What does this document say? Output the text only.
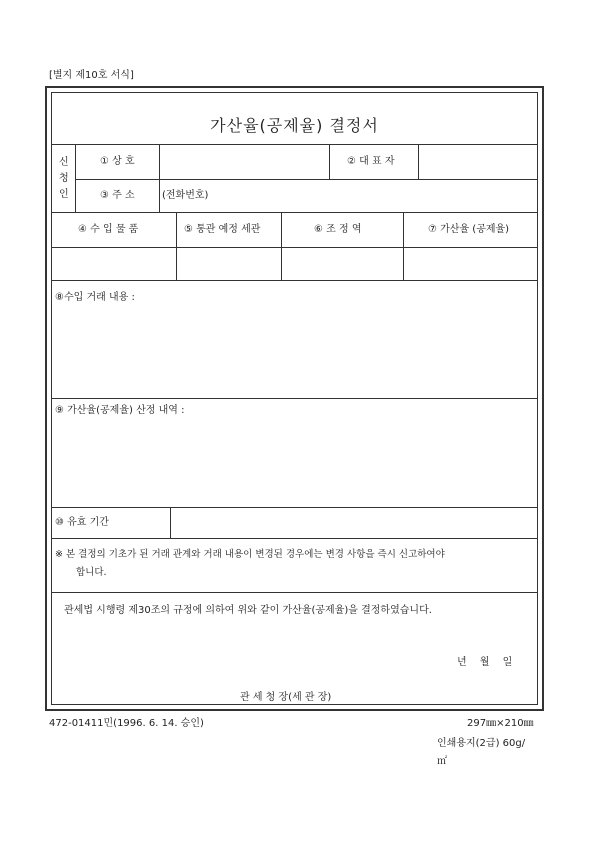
[별지 제10호 서식]
가산율(공제율) 결정서
신
청
인
① 상 호	② 대 표 자
③ 주 소	(전화번호)
④ 수 입 물 품	⑤ 통관 예정 세관	⑥ 조 정 역	⑦ 가산율 (공제율)
⑧수입 거래 내용 :
⑨ 가산율(공제율) 산정 내역 :
⑩ 유효 기간
※ 본 결정의 기초가 된 거래 관계와 거래 내용이 변경된 경우에는 변경 사항을 즉시 신고하여야
합니다.
관세법 시행령 제30조의 규정에 의하여 위와 같이 가산율(공제율)을 결정하였습니다.
년 월 일
관 세 청 장(세 관 장)
472-01411민(1996. 6. 14. 승인)	297㎜×210㎜
인쇄용지(2급) 60g/
㎡
